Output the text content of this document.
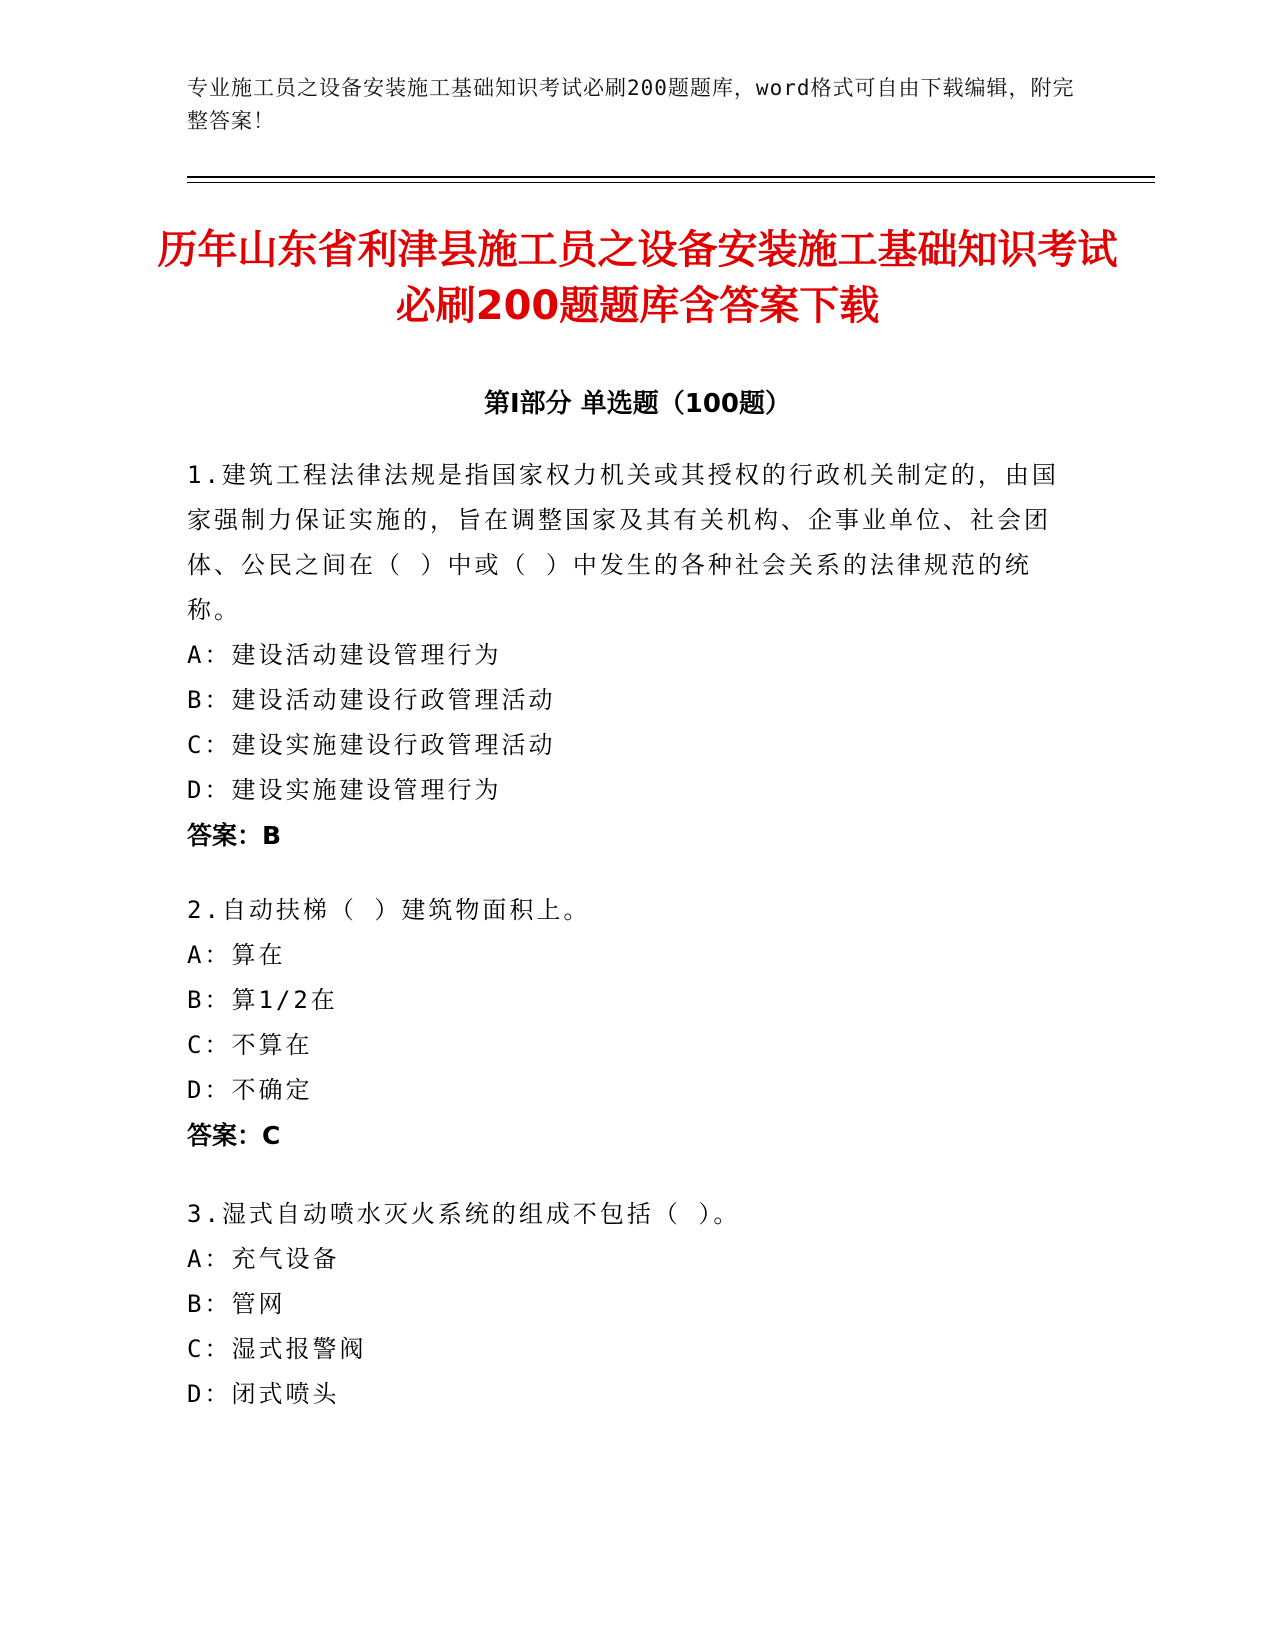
专业施工员之设备安装施工基础知识考试必刷200题题库，word格式可自由下载编辑，附完整答案！
历年山东省利津县施工员之设备安装施工基础知识考试必刷200题题库含答案下载
第Ⅰ部分 单选题（100题）

1.建筑工程法律法规是指国家权力机关或其授权的行政机关制定的，由国家强制力保证实施的，旨在调整国家及其有关机构、企事业单位、社会团体、公民之间在（ ）中或（ ）中发生的各种社会关系的法律规范的统称。

A：建设活动建设管理行为

B：建设活动建设行政管理活动

C：建设实施建设行政管理活动

D：建设实施建设管理行为

答案：B

2.自动扶梯（ ）建筑物面积上。

A：算在

B：算1/2在

C：不算在

D：不确定

答案：C

3.湿式自动喷水灭火系统的组成不包括（ ）。

A：充气设备

B：管网

C：湿式报警阀

D：闭式喷头
